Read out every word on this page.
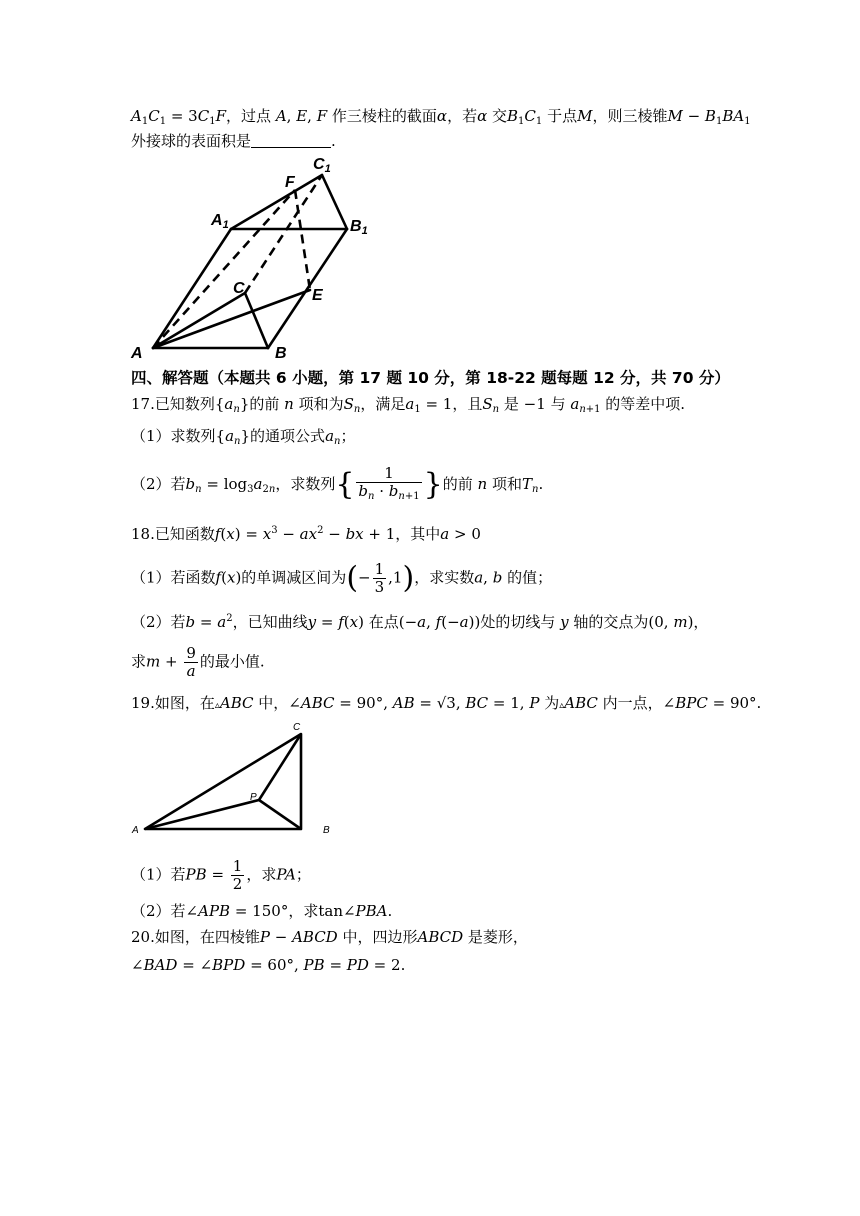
$A_1C_1 = 3C_1F$，过点 A, E, F 作三棱柱的截面α，若α 交$B_1C_1$ 于点M，则三棱锥$M - B_1BA_1$
外接球的表面积是	.
A	B
C
A1	B1
C1
E
F
四、解答题（本题共 6 小题，第 17 题 10 分，第 18-22 题每题 12 分，共 70 分）
17.已知数列$\{a_n\}$的前 n 项和为$S_n$，满足$a_1 = 1$，且$S_n$ 是 −1 与 $a_{n+1}$ 的等差中项.
（1）求数列$\{a_n\}$的通项公式$a_n$；
（2）若$b_n = \log_3a_{2n}$，求数列{ $\frac{1}{b_n \cdot b_{n+1}}$ }的前 n 项和$T_n$.
18.已知函数$f(x) = x^3 - ax^2$ − bx + 1，其中a > 0
（1）若函数f(x)的单调减区间为(− $\frac{1}{3} ,1$)，求实数a, b 的值；
（2）若$b = a^2$，已知曲线y = f(x) 在点(−a, f(−a))处的切线与 y 轴的交点为(0, m)，
求$m + \frac{9}{a}$ 的最小值.
19.如图，在▵ABC 中，∠ABC = 90°, AB = √3, BC = 1, P 为▵ABC 内一点，∠BPC = 90°.
A	B
C
P
（1）若PB = $\frac{1}{2}$ ，求PA；
（2）若∠APB = 150°，求tan∠PBA.
20.如图，在四棱锥P − ABCD 中，四边形ABCD 是菱形，
∠BAD = ∠BPD = 60°, PB = PD = 2.
